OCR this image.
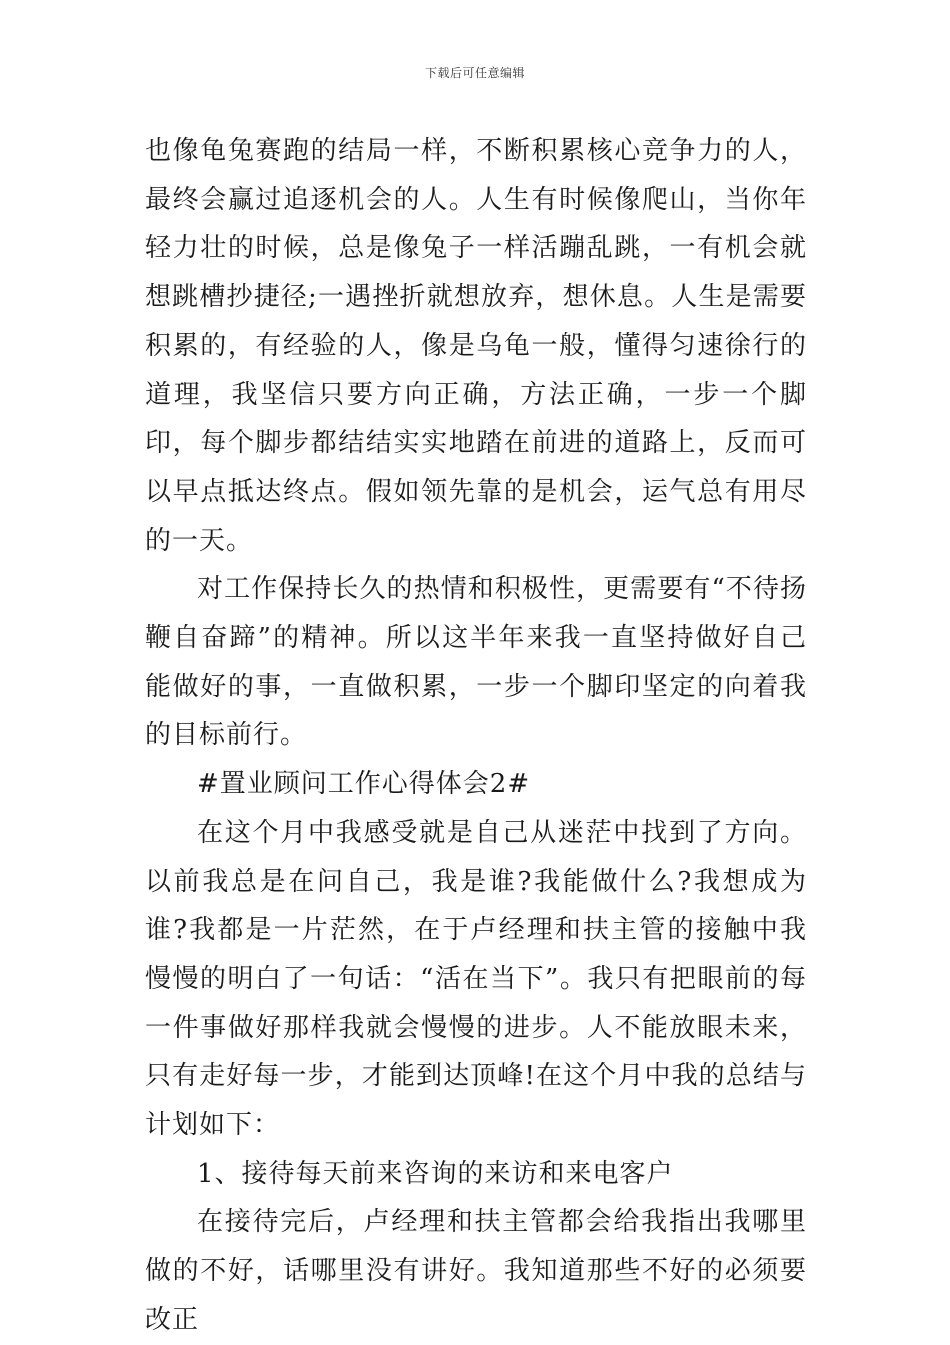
下载后可任意编辑

也像龟兔赛跑的结局一样，不断积累核心竞争力的人，最终会赢过追逐机会的人。人生有时候像爬山，当你年轻力壮的时候，总是像兔子一样活蹦乱跳，一有机会就想跳槽抄捷径;一遇挫折就想放弃，想休息。人生是需要积累的，有经验的人，像是乌龟一般，懂得匀速徐行的道理，我坚信只要方向正确，方法正确，一步一个脚印，每个脚步都结结实实地踏在前进的道路上，反而可以早点抵达终点。假如领先靠的是机会，运气总有用尽的一天。

对工作保持长久的热情和积极性，更需要有“不待扬鞭自奋蹄”的精神。所以这半年来我一直坚持做好自己能做好的事，一直做积累，一步一个脚印坚定的向着我的目标前行。

#置业顾问工作心得体会2#

在这个月中我感受就是自己从迷茫中找到了方向。以前我总是在问自己，我是谁?我能做什么?我想成为谁?我都是一片茫然，在于卢经理和扶主管的接触中我慢慢的明白了一句话：“活在当下”。我只有把眼前的每一件事做好那样我就会慢慢的进步。人不能放眼未来，只有走好每一步，才能到达顶峰!在这个月中我的总结与计划如下：

1、接待每天前来咨询的来访和来电客户

在接待完后，卢经理和扶主管都会给我指出我哪里做的不好，话哪里没有讲好。我知道那些不好的必须要改正
